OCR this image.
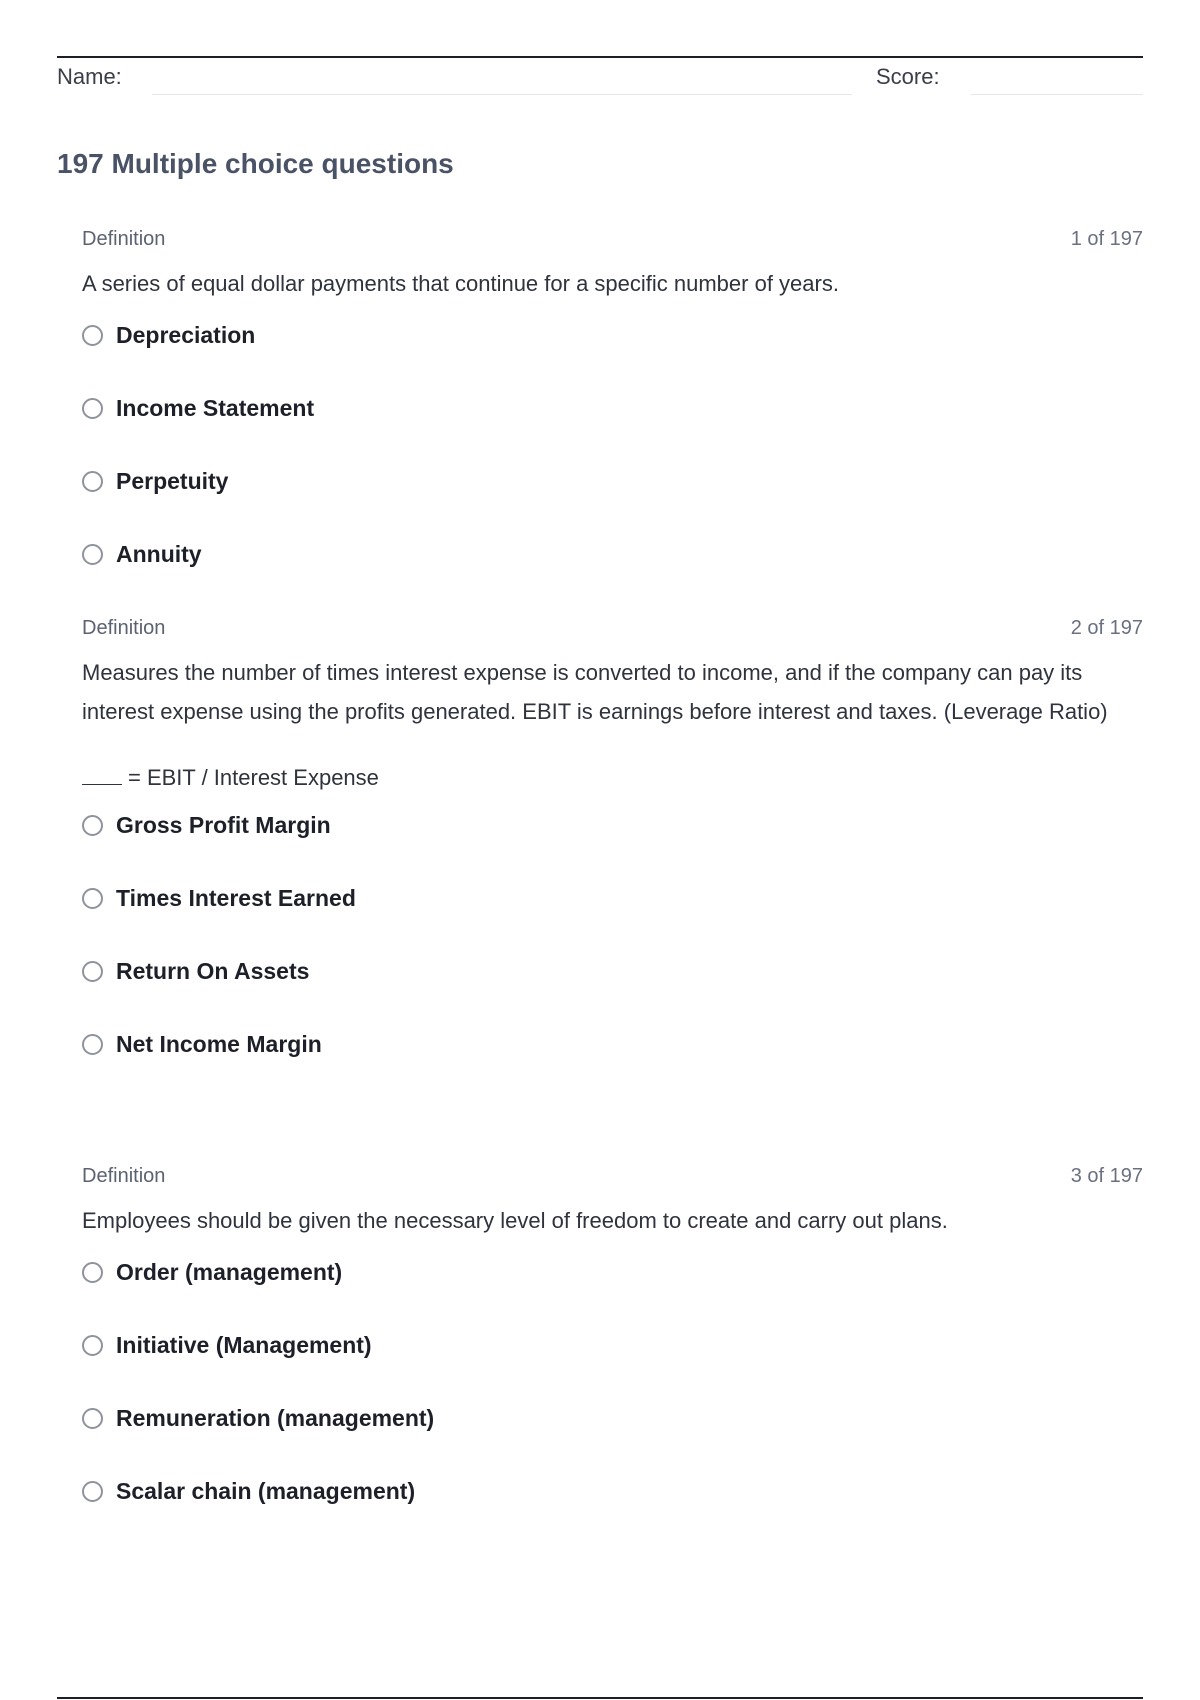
Name:	Score:
197 Multiple choice questions
Definition	1 of 197

A series of equal dollar payments that continue for a specific number of years.

Depreciation
Income Statement
Perpetuity
Annuity
Definition	2 of 197

Measures the number of times interest expense is converted to income, and if the company can pay its interest expense using the profits generated. EBIT is earnings before interest and taxes. (Leverage Ratio)

= EBIT / Interest Expense
Gross Profit Margin
Times Interest Earned
Return On Assets
Net Income Margin
Definition	3 of 197

Employees should be given the necessary level of freedom to create and carry out plans.

Order (management)
Initiative (Management)
Remuneration (management)
Scalar chain (management)
